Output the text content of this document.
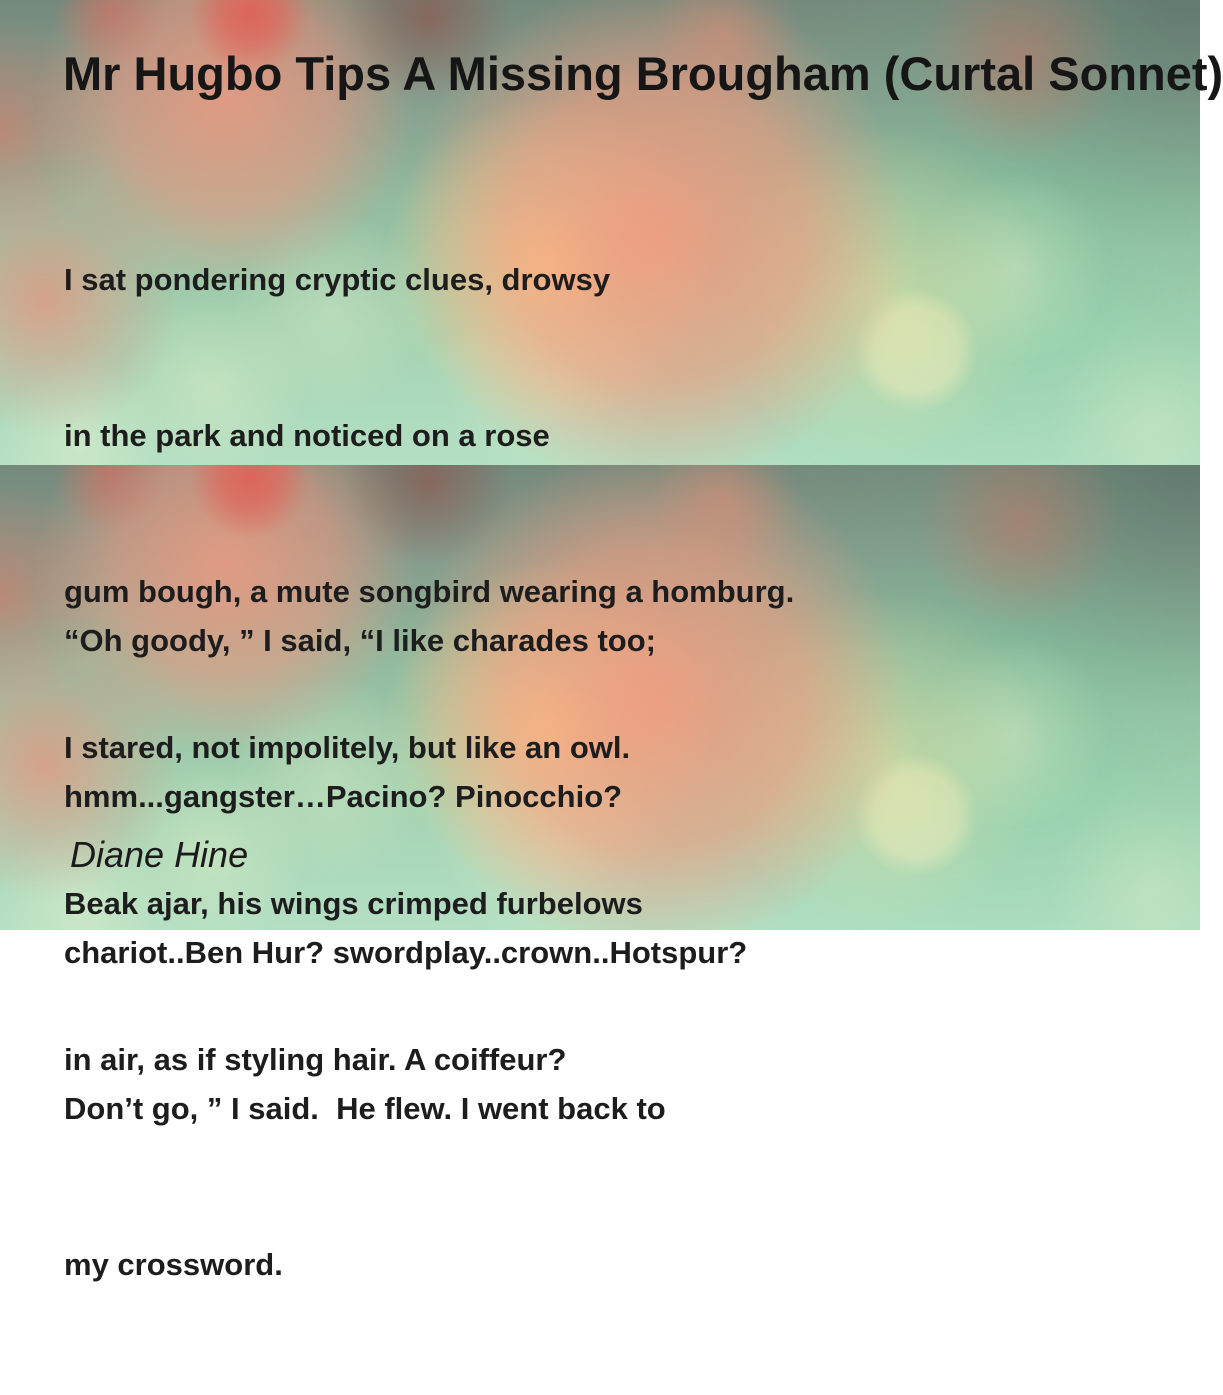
Mr Hugbo Tips A Missing Brougham (Curtal Sonnet)

I sat pondering cryptic clues, drowsy

in the park and noticed on a rose

gum bough, a mute songbird wearing a homburg.

I stared, not impolitely, but like an owl.

Beak ajar, his wings crimped furbelows

in air, as if styling hair. A coiffeur?

“Oh goody, ” I said, “I like charades too;

hmm...gangster…Pacino? Pinocchio?

chariot..Ben Hur? swordplay..crown..Hotspur?

Don’t go, ” I said.  He flew. I went back to

my crossword.

Diane Hine
